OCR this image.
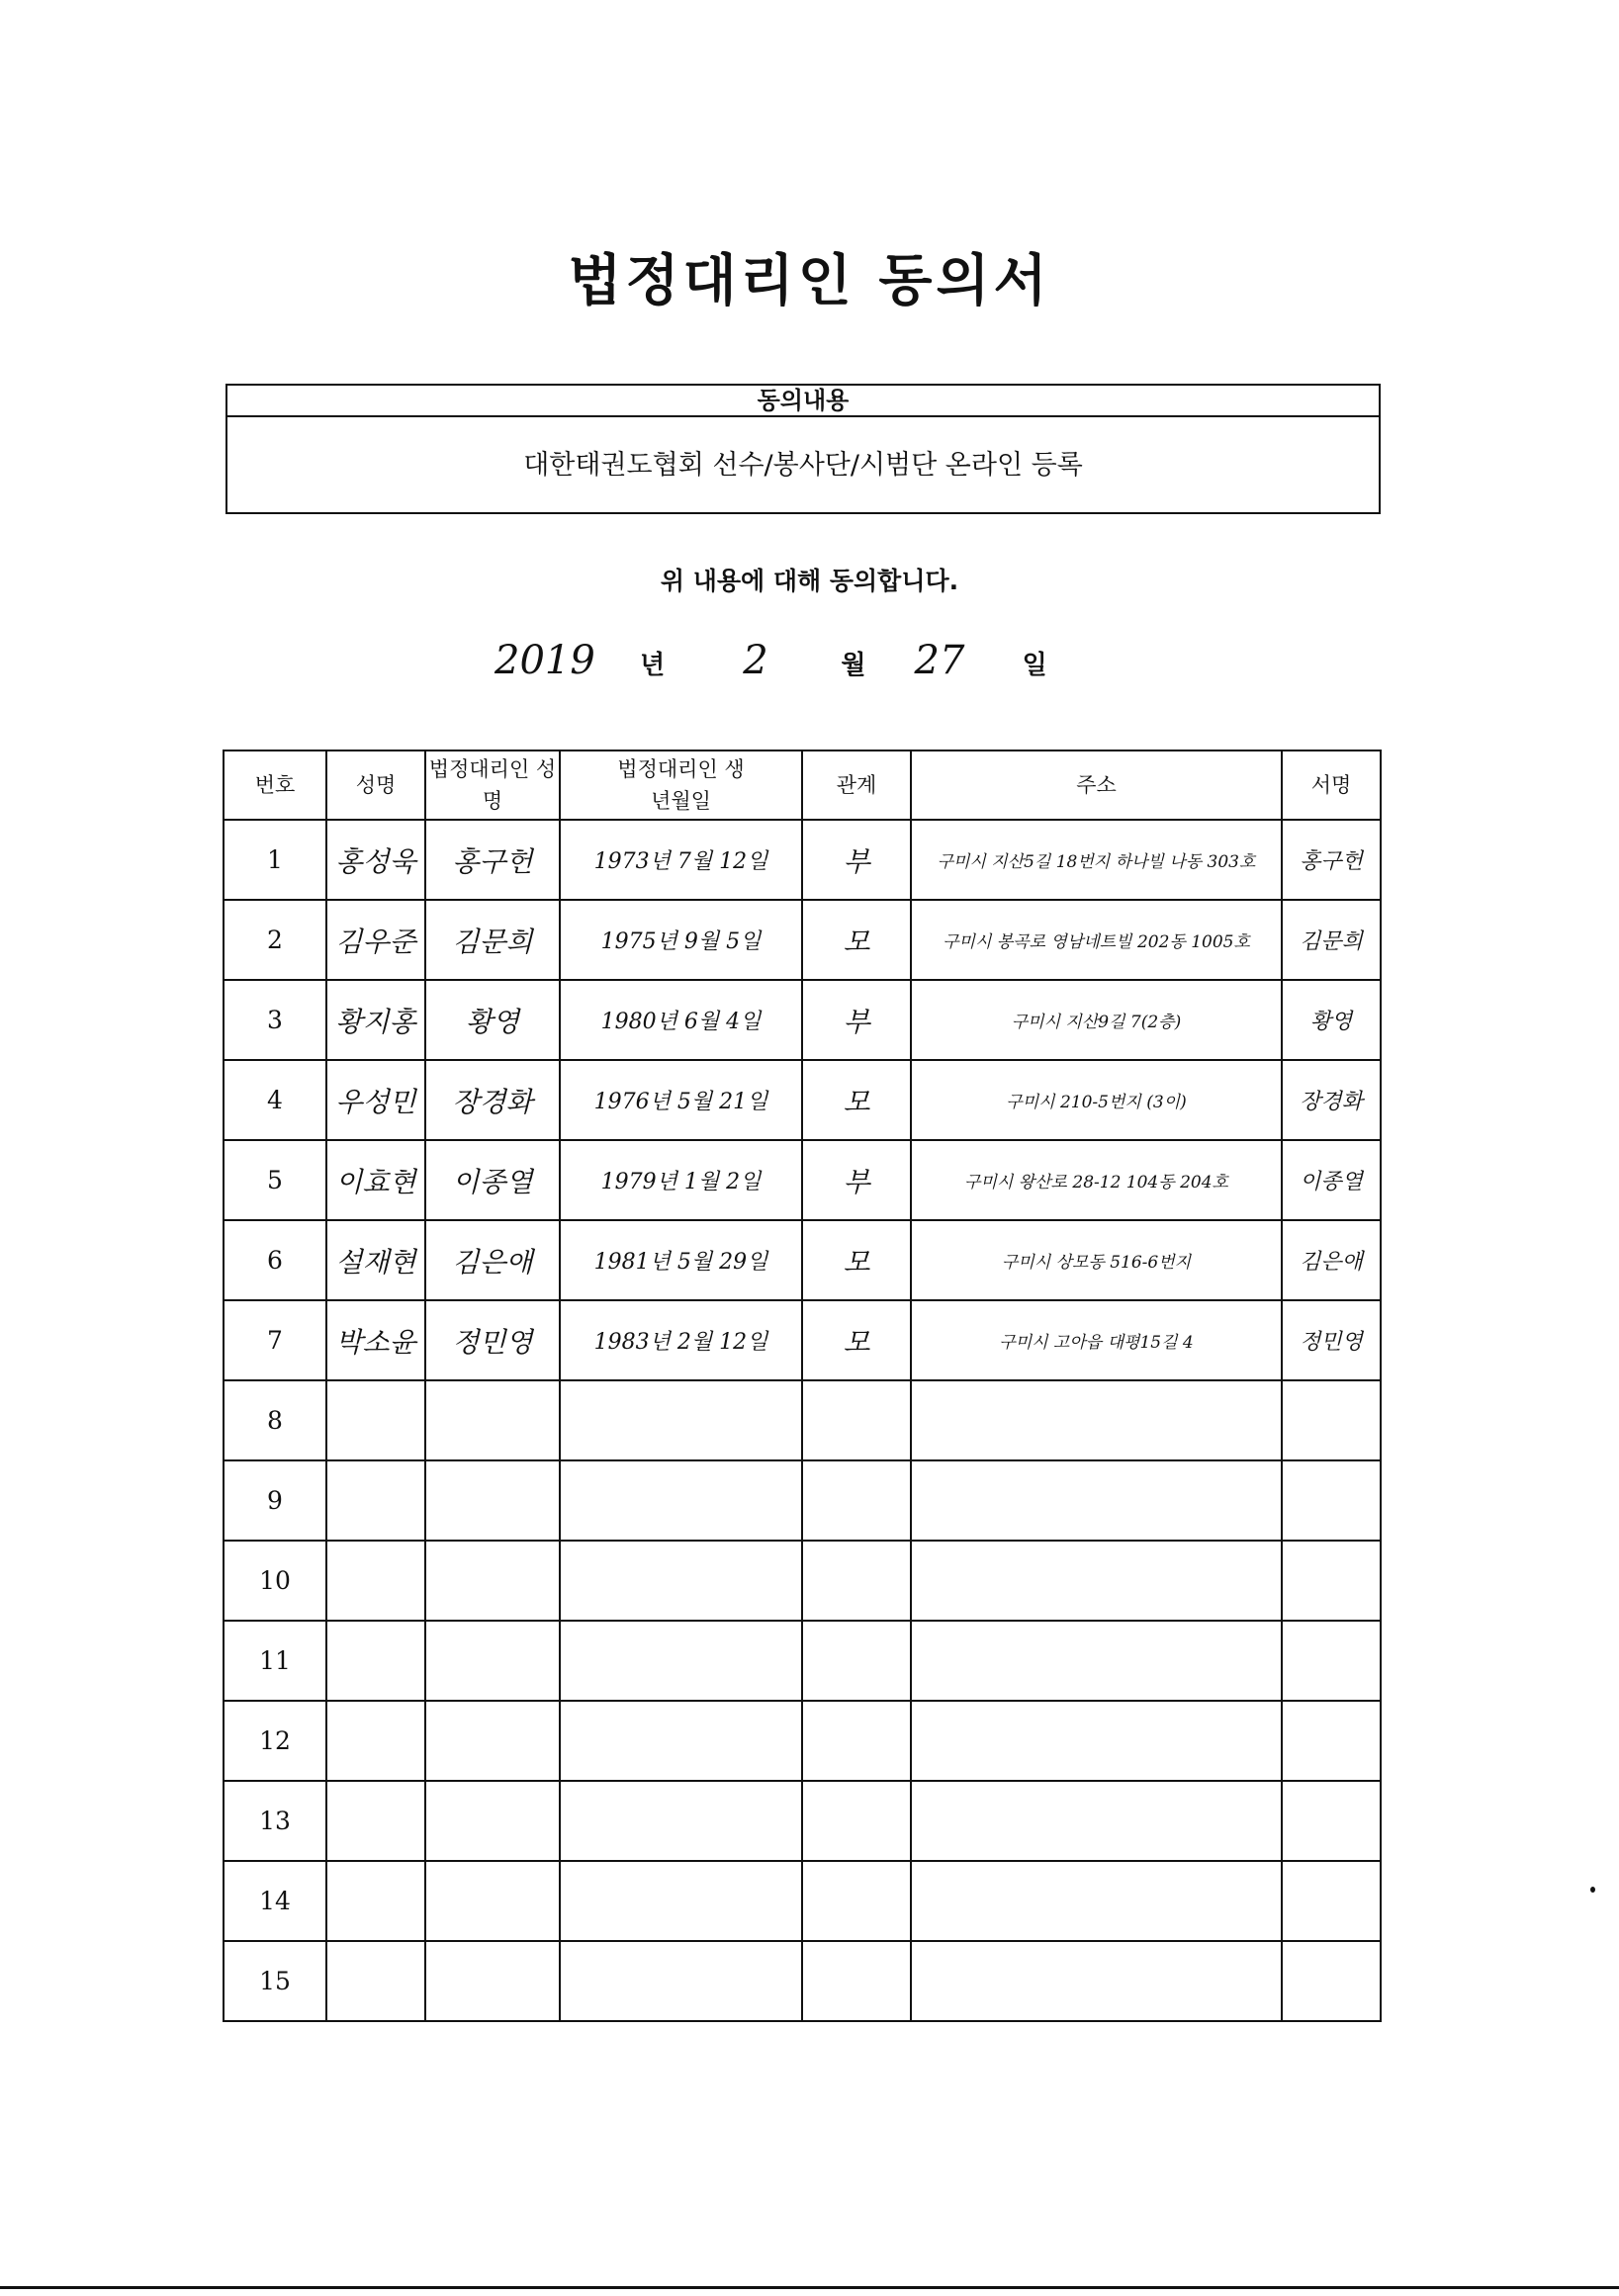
법정대리인 동의서
동의내용
대한태권도협회 선수/봉사단/시범단 온라인 등록
위 내용에 대해 동의합니다.
2019 년 2	월 27 일
번호	성명	법정대리인 성명	법정대리인 생년월일	관계	주소	서명
1	홍성욱	홍구헌	1973년 7월 12일	부	구미시 지산5길 18번지 하나빌 나동 303호	홍구헌
2	김우준	김문희	1975년 9월 5일	모	구미시 봉곡로 영남네트빌 202동 1005호	김문희
3	황지홍	황영	1980년 6월 4일	부	구미시 지산9길 7(2층)	황영
4	우성민	장경화	1976년 5월 21일	모	구미시 210-5번지 (3이)	장경화
5	이효현	이종열	1979년 1월 2일	부	구미시 왕산로 28-12 104동 204호	이종열
6	설재현	김은애	1981년 5월 29일	모	구미시 상모동 516-6번지	김은애
7	박소윤	정민영	1983년 2월 12일	모	구미시 고아읍 대평15길 4	정민영
8						
9						
10						
11						
12						
13						
14						
15						
